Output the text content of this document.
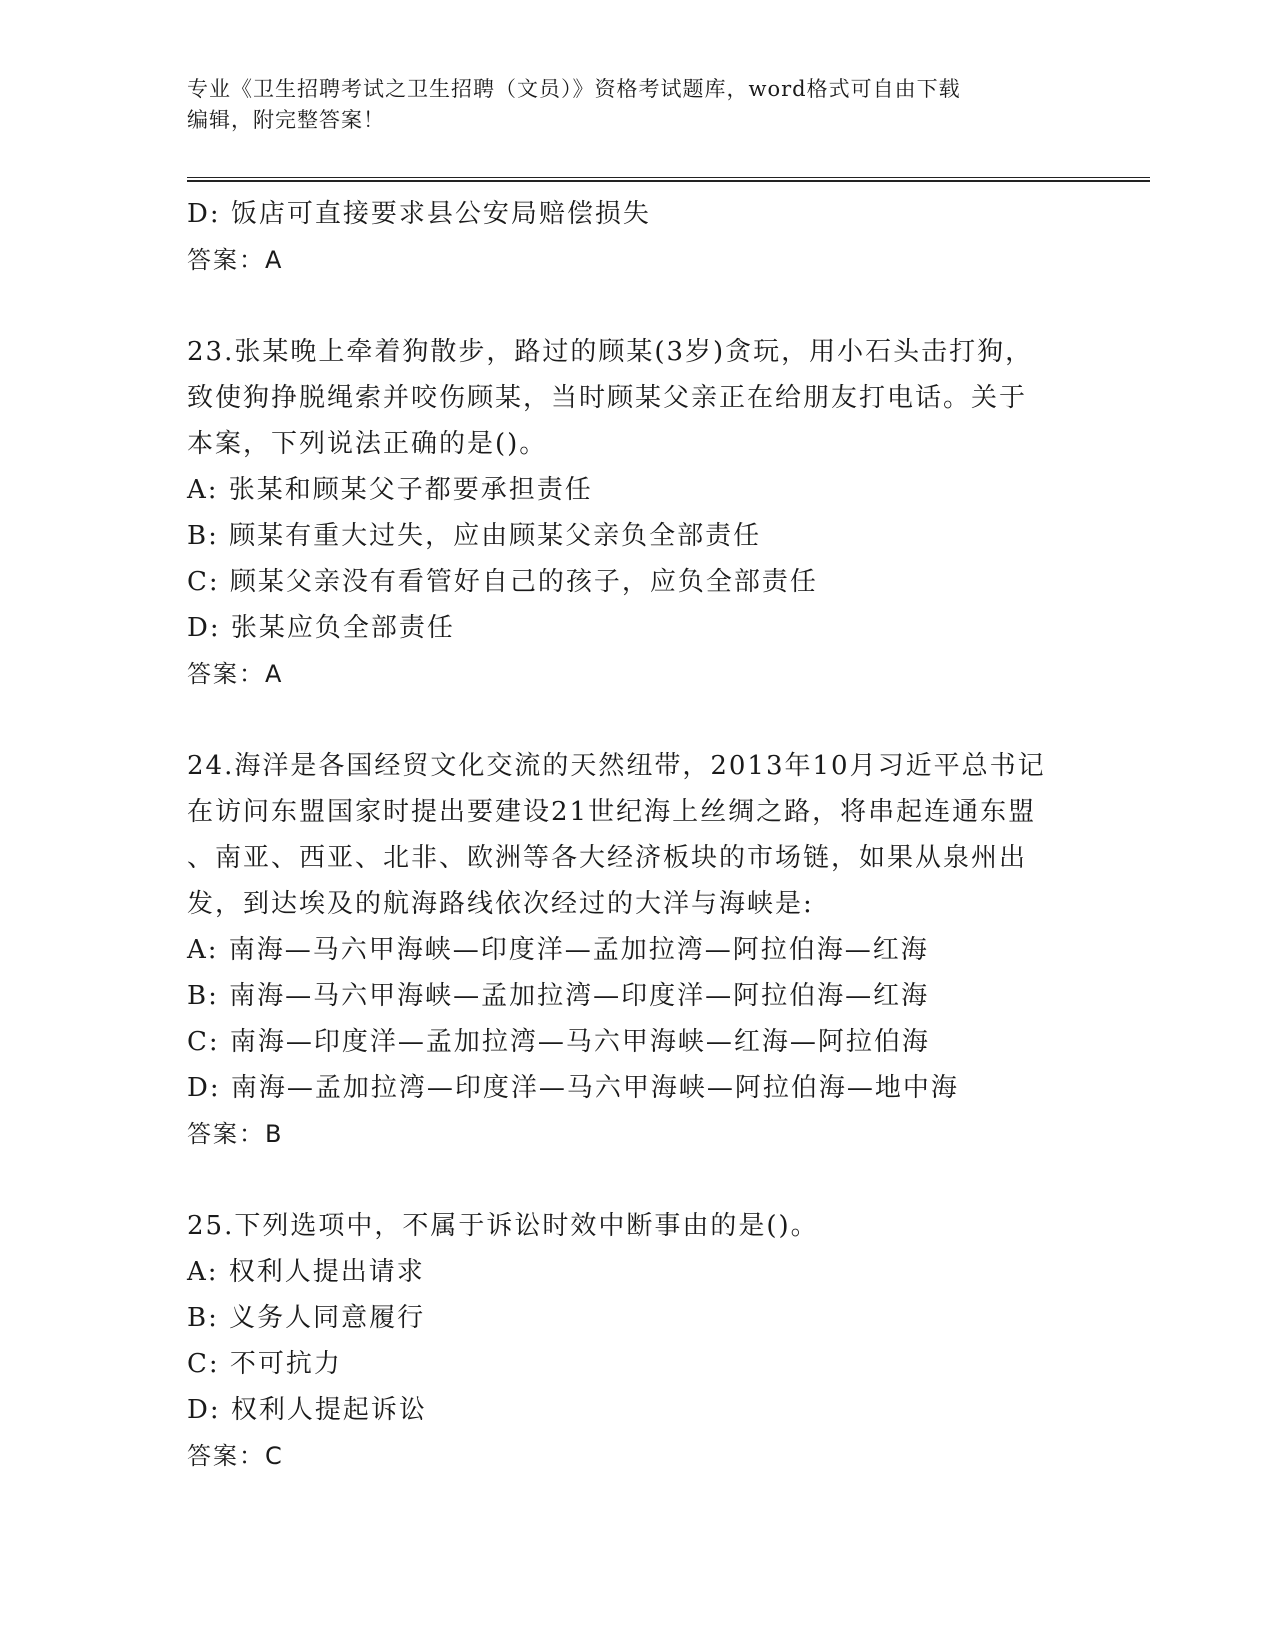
专业《卫生招聘考试之卫生招聘（文员）》资格考试题库，word格式可自由下载
编辑，附完整答案！
D: 饭店可直接要求县公安局赔偿损失
答案：A
23.张某晚上牵着狗散步，路过的顾某(3岁)贪玩，用小石头击打狗，
致使狗挣脱绳索并咬伤顾某，当时顾某父亲正在给朋友打电话。关于
本案，下列说法正确的是()。
A: 张某和顾某父子都要承担责任
B: 顾某有重大过失，应由顾某父亲负全部责任
C: 顾某父亲没有看管好自己的孩子，应负全部责任
D: 张某应负全部责任
答案：A
24.海洋是各国经贸文化交流的天然纽带，2013年10月习近平总书记
在访问东盟国家时提出要建设21世纪海上丝绸之路，将串起连通东盟
、南亚、西亚、北非、欧洲等各大经济板块的市场链，如果从泉州出
发，到达埃及的航海路线依次经过的大洋与海峡是:
A: 南海—马六甲海峡—印度洋—孟加拉湾—阿拉伯海—红海
B: 南海—马六甲海峡—孟加拉湾—印度洋—阿拉伯海—红海
C: 南海—印度洋—孟加拉湾—马六甲海峡—红海—阿拉伯海
D: 南海—孟加拉湾—印度洋—马六甲海峡—阿拉伯海—地中海
答案：B
25.下列选项中，不属于诉讼时效中断事由的是()。
A: 权利人提出请求
B: 义务人同意履行
C: 不可抗力
D: 权利人提起诉讼
答案：C
